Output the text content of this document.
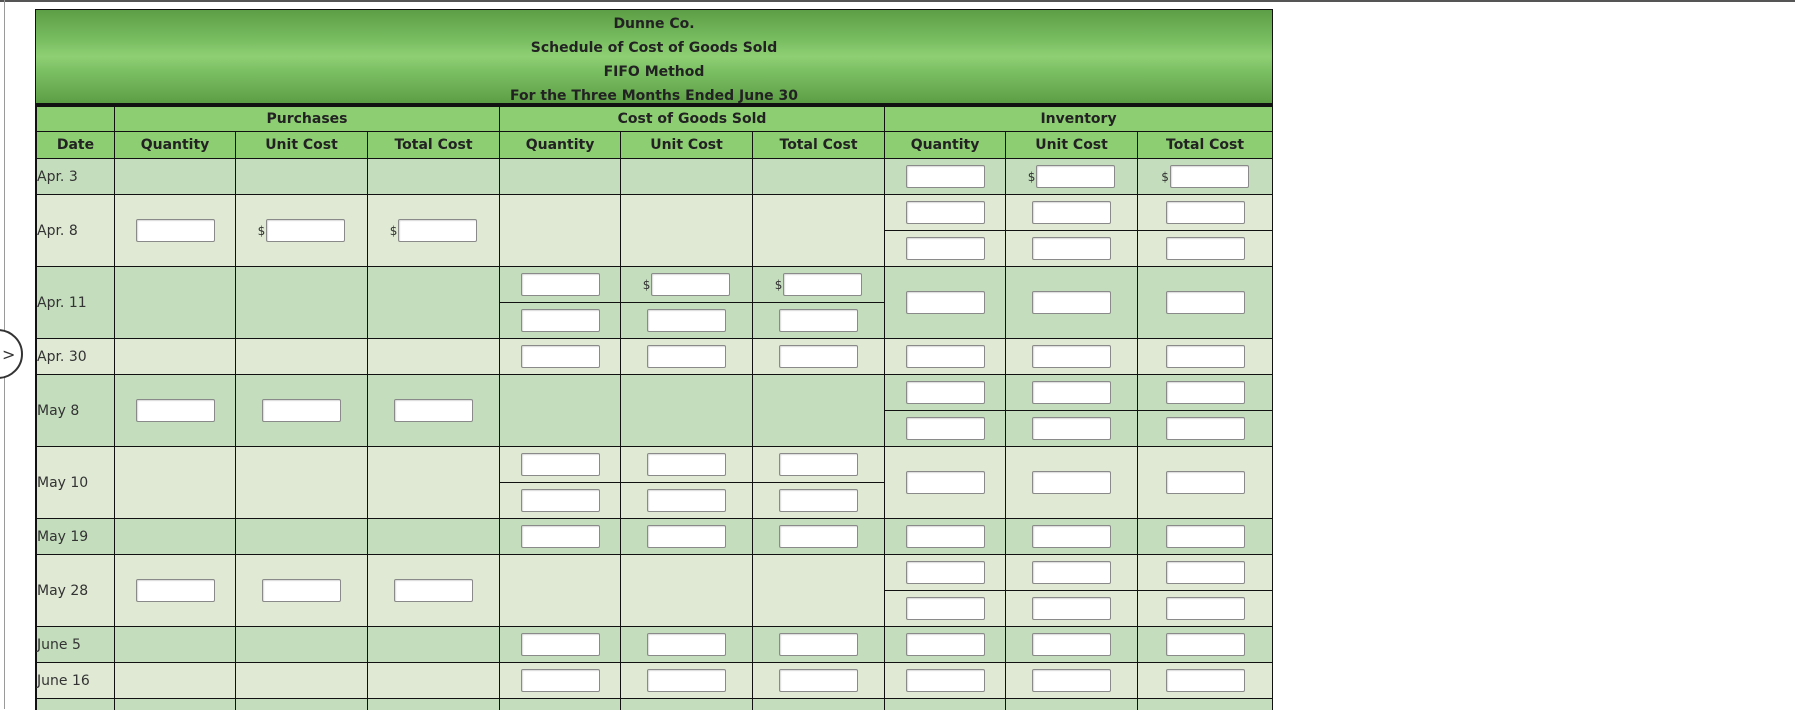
>
Dunne Co.
Schedule of Cost of Goods Sold
FIFO Method
For the Three Months Ended June 30
	Purchases			Cost of Goods Sold			Inventory		
Date	Quantity	Unit Cost	Total Cost	Quantity	Unit Cost	Total Cost	Quantity	Unit Cost	Total Cost
Apr. 3								$	$

Apr. 8		$	$

Apr. 11					$	$

Apr. 30									
May 8							

May 10				

May 19									
May 28							

June 5									
June 16									
